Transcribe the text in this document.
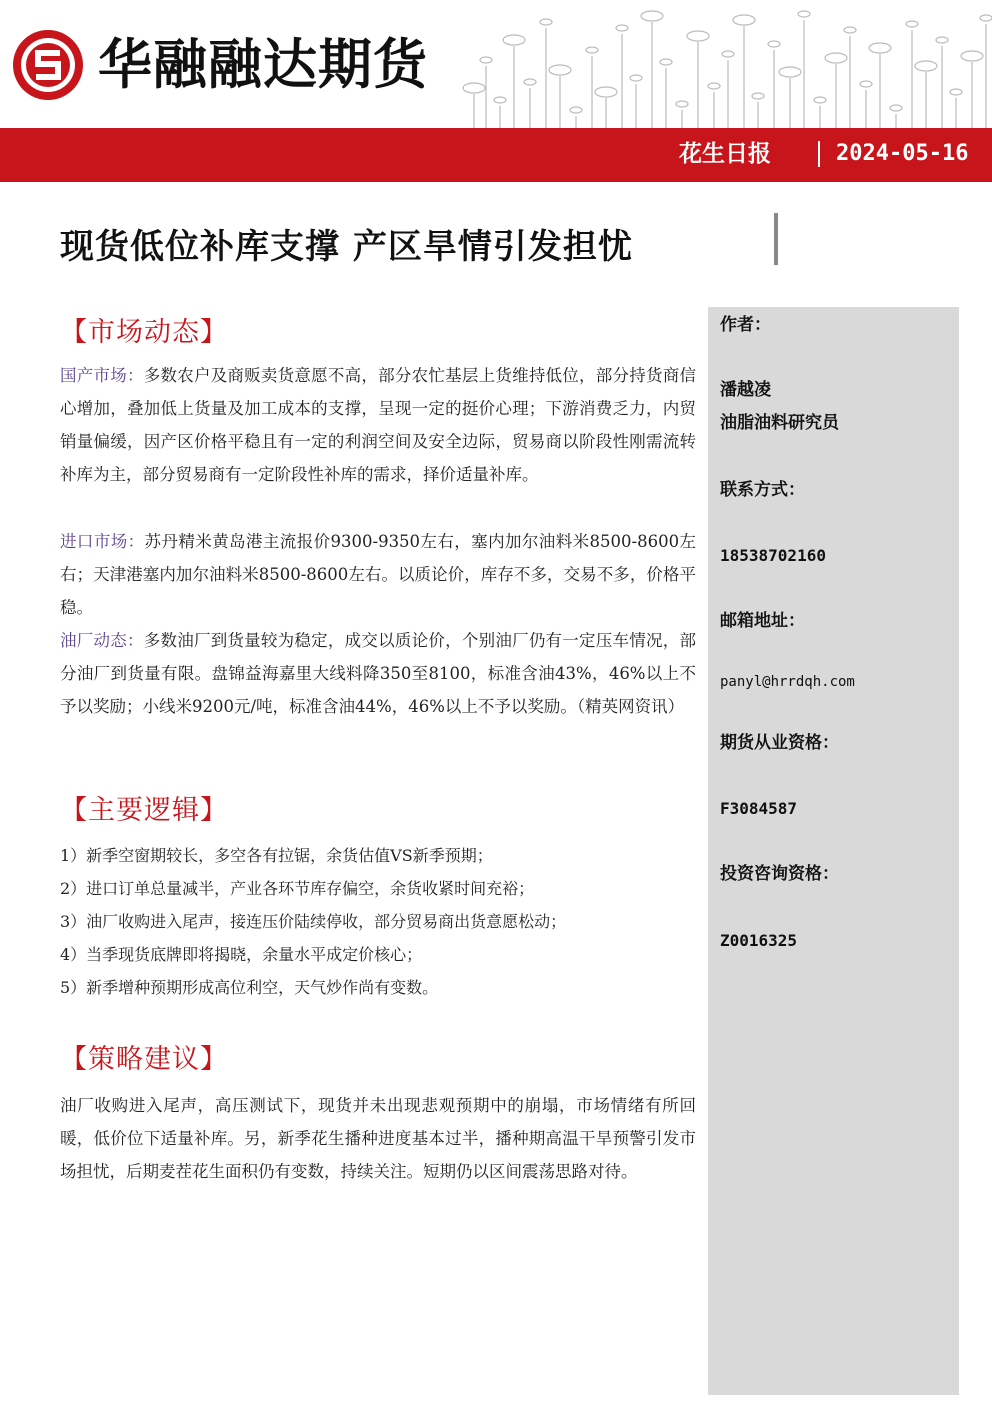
华融融达期货
花生日报	2024-05-16
现货低位补库支撑 产区旱情引发担忧
作者：
潘越凌
油脂油料研究员
联系方式：
18538702160
邮箱地址：
panyl@hrrdqh.com
期货从业资格：
F3084587
投资咨询资格：
Z0016325
【市场动态】
国产市场：多数农户及商贩卖货意愿不高，部分农忙基层上货维持低位，部分持货商信心增加，叠加低上货量及加工成本的支撑，呈现一定的挺价心理；下游消费乏力，内贸销量偏缓，因产区价格平稳且有一定的利润空间及安全边际，贸易商以阶段性刚需流转补库为主，部分贸易商有一定阶段性补库的需求，择价适量补库。
进口市场：苏丹精米黄岛港主流报价9300-9350左右，塞内加尔油料米8500-8600左右；天津港塞内加尔油料米8500-8600左右。以质论价，库存不多，交易不多，价格平稳。
油厂动态：多数油厂到货量较为稳定，成交以质论价，个别油厂仍有一定压车情况，部分油厂到货量有限。盘锦益海嘉里大线料降350至8100，标准含油43%，46%以上不予以奖励；小线米9200元/吨，标准含油44%，46%以上不予以奖励。（精英网资讯）
【主要逻辑】
1）新季空窗期较长，多空各有拉锯，余货估值VS新季预期；
2）进口订单总量减半，产业各环节库存偏空，余货收紧时间充裕；
3）油厂收购进入尾声，接连压价陆续停收，部分贸易商出货意愿松动；
4）当季现货底牌即将揭晓，余量水平成定价核心；
5）新季增种预期形成高位利空，天气炒作尚有变数。
【策略建议】
油厂收购进入尾声，高压测试下，现货并未出现悲观预期中的崩塌，市场情绪有所回暖，低价位下适量补库。另，新季花生播种进度基本过半，播种期高温干旱预警引发市场担忧，后期麦茬花生面积仍有变数，持续关注。短期仍以区间震荡思路对待。
